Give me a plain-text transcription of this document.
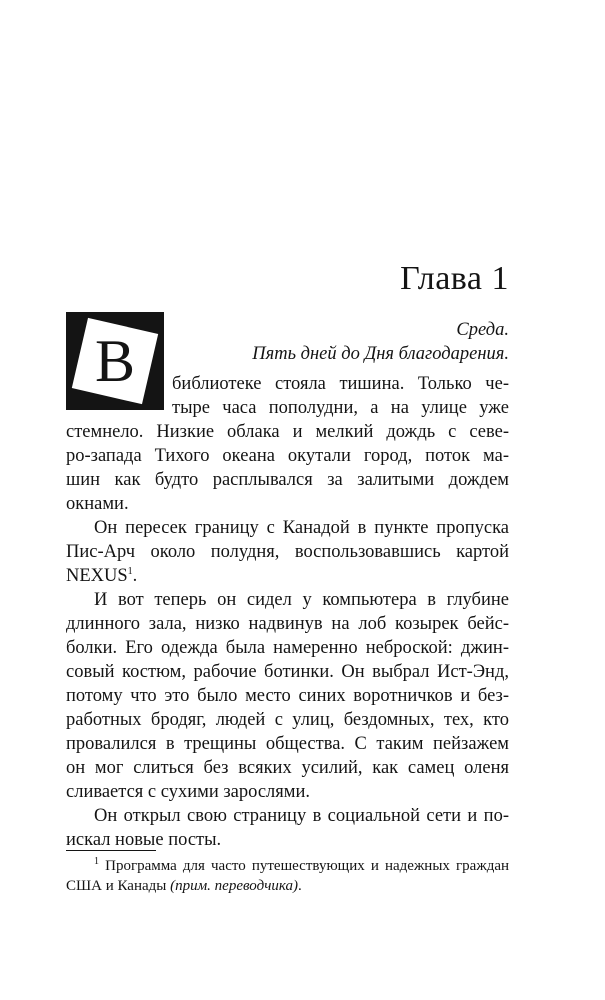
Глава 1
Среда.
Пять дней до Дня благодарения.
В	библиотеке стояла тишина. Только че-
тыре часа пополудни, а на улице уже
стемнело. Низкие облака и мелкий дождь с севе-
ро-запада Тихого океана окутали город, поток ма-
шин как будто расплывался за залитыми дождем
окнами.
Он пересек границу с Канадой в пункте пропуска
Пис-Арч около полудня, воспользовавшись картой
NEXUS$^1$.
И вот теперь он сидел у компьютера в глубине
длинного зала, низко надвинув на лоб козырек бейс-
болки. Его одежда была намеренно неброской: джин-
совый костюм, рабочие ботинки. Он выбрал Ист-Энд,
потому что это было место синих воротничков и без-
работных бродяг, людей с улиц, бездомных, тех, кто
провалился в трещины общества. С таким пейзажем
он мог слиться без всяких усилий, как самец оленя
сливается с сухими зарослями.
Он открыл свою страницу в социальной сети и по-
искал новые посты.
$^1$ Программа для часто путешествующих и надежных граждан
США и Канады (прим. переводчика).
